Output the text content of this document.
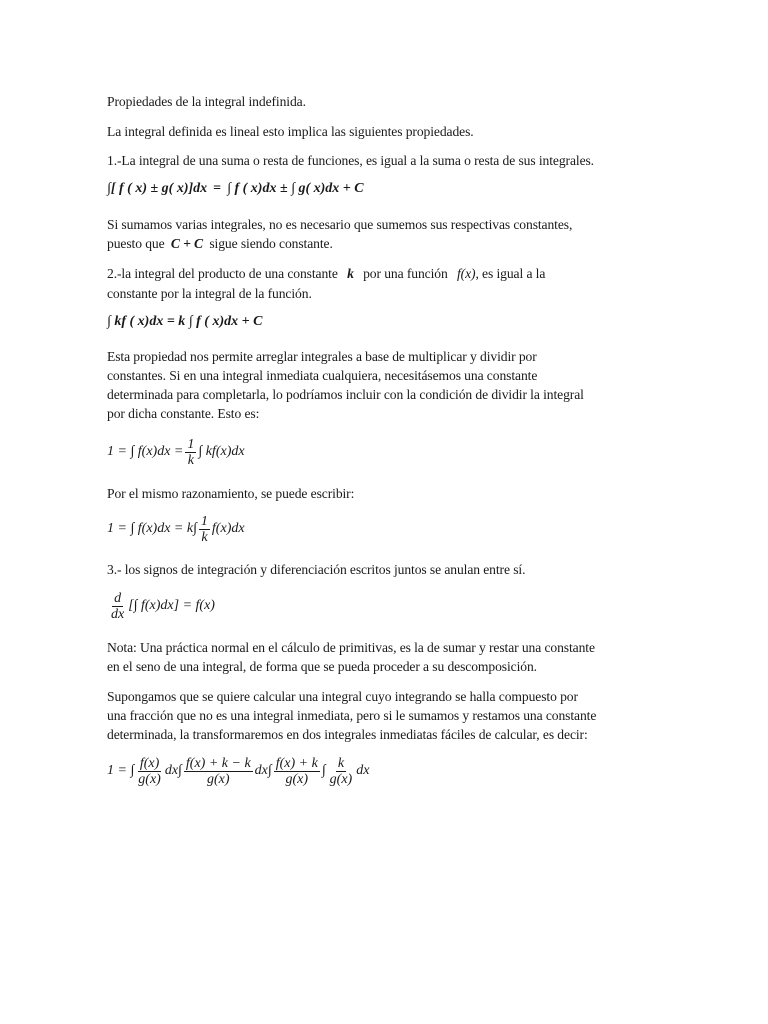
Propiedades de la integral indefinida.
La integral definida es lineal esto implica las siguientes propiedades.
1.-La integral de una suma o resta de funciones, es igual a la suma o resta de sus integrales.
∫[ f ( x) ± g( x)]dx = ∫ f ( x)dx ± ∫ g( x)dx + C
Si sumamos varias integrales, no es necesario que sumemos sus respectivas constantes,
puesto que C + C sigue siendo constante.
2.-la integral del producto de una constante k por una función f(x), es igual a la
constante por la integral de la función.
∫ kf ( x)dx = k ∫ f ( x)dx + C
Esta propiedad nos permite arreglar integrales a base de multiplicar y dividir por
constantes. Si en una integral inmediata cualquiera, necesitásemos una constante
determinada para completarla, lo podríamos incluir con la condición de dividir la integral
por dicha constante. Esto es:
1 = ∫ $f(x)dx = \frac{1}{k}$ ∫ kf(x)dx
Por el mismo razonamiento, se puede escribir:
1 = ∫ $f(x)dx = k\int \frac{1}{k} f(x)dx$
3.- los signos de integración y diferenciación escritos juntos se anulan entre sí.
$\frac{d}{dx}$ [∫ f(x)dx] = f(x)
Nota: Una práctica normal en el cálculo de primitivas, es la de sumar y restar una constante
en el seno de una integral, de forma que se pueda proceder a su descomposición.
Supongamos que se quiere calcular una integral cuyo integrando se halla compuesto por
una fracción que no es una integral inmediata, pero si le sumamos y restamos una constante
determinada, la transformaremos en dos integrales inmediatas fáciles de calcular, es decir:
1 = ∫ $\frac{f(x)}{g(x)} dx\int \frac{f(x) + k - k}{g(x)} dx\int \frac{f(x) + k}{g(x)}$ ∫ $\frac{k}{g(x)}$ dx
